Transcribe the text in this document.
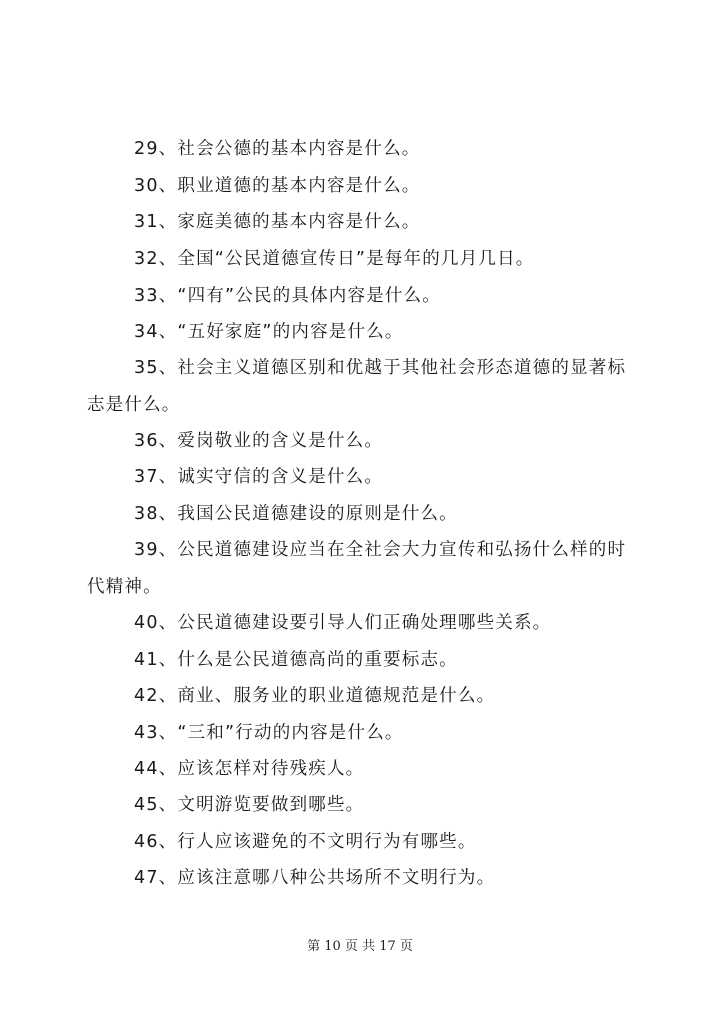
29、社会公德的基本内容是什么。

30、职业道德的基本内容是什么。

31、家庭美德的基本内容是什么。

32、全国“公民道德宣传日”是每年的几月几日。

33、“四有”公民的具体内容是什么。

34、“五好家庭”的内容是什么。

35、社会主义道德区别和优越于其他社会形态道德的显著标
志是什么。

36、爱岗敬业的含义是什么。

37、诚实守信的含义是什么。

38、我国公民道德建设的原则是什么。

39、公民道德建设应当在全社会大力宣传和弘扬什么样的时
代精神。

40、公民道德建设要引导人们正确处理哪些关系。

41、什么是公民道德高尚的重要标志。

42、商业、服务业的职业道德规范是什么。

43、“三和”行动的内容是什么。

44、应该怎样对待残疾人。

45、文明游览要做到哪些。

46、行人应该避免的不文明行为有哪些。

47、应该注意哪八种公共场所不文明行为。

第 10 页 共 17 页
